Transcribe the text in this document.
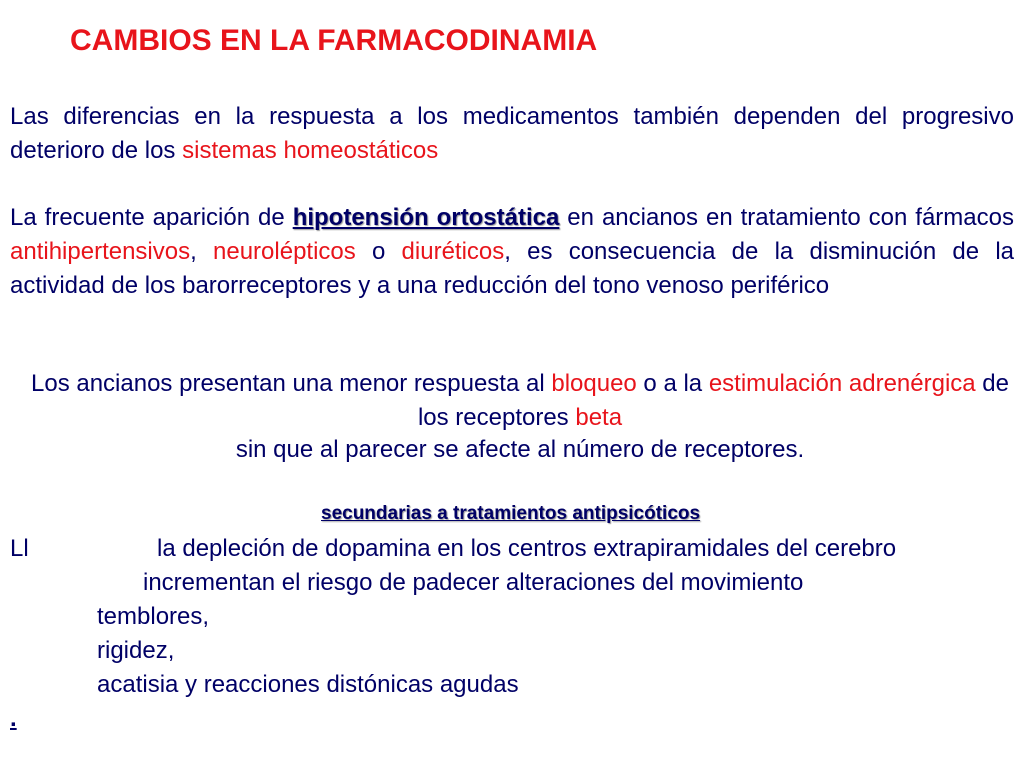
CAMBIOS EN LA FARMACODINAMIA
Las diferencias en la respuesta a los medicamentos también dependen del progresivo deterioro de los sistemas homeostáticos
La frecuente aparición de hipotensión ortostática en ancianos en tratamiento con fármacos antihipertensivos, neurolépticos o diuréticos, es consecuencia de la disminución de la actividad de los barorreceptores y a una reducción del tono venoso periférico
Los ancianos presentan una menor respuesta al bloqueo o a la estimulación adrenérgica de los receptores beta
sin que al parecer se afecte al número de receptores.
secundarias a tratamientos antipsicóticos
Ll	la depleción de dopamina en los centros extrapiramidales del cerebro
incrementan el riesgo de padecer alteraciones del movimiento
temblores,
rigidez,
acatisia y reacciones distónicas agudas
.
